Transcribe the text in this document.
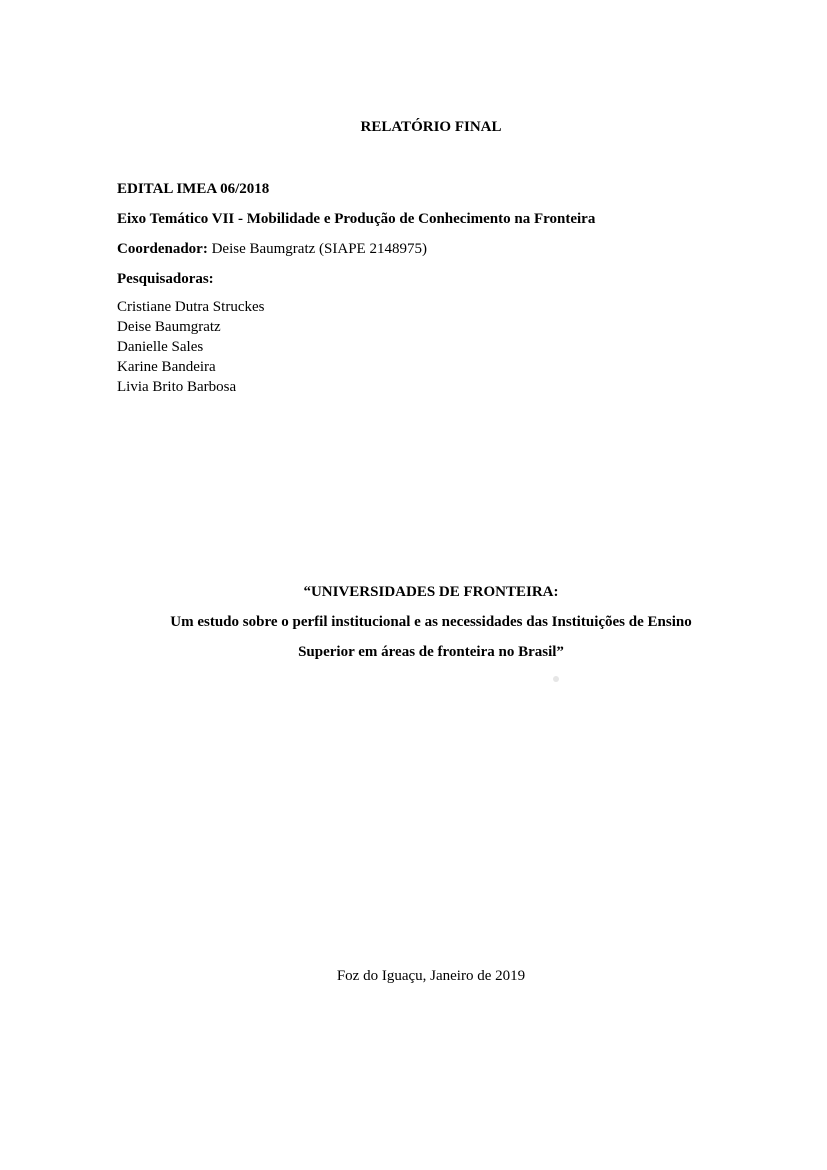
RELATÓRIO FINAL
EDITAL IMEA 06/2018
Eixo Temático VII - Mobilidade e Produção de Conhecimento na Fronteira
Coordenador: Deise Baumgratz (SIAPE 2148975)
Pesquisadoras:
Cristiane Dutra Struckes
Deise Baumgratz
Danielle Sales
Karine Bandeira
Livia Brito Barbosa
“UNIVERSIDADES DE FRONTEIRA:
Um estudo sobre o perfil institucional e as necessidades das Instituições de Ensino
Superior em áreas de fronteira no Brasil”
Foz do Iguaçu, Janeiro de 2019
